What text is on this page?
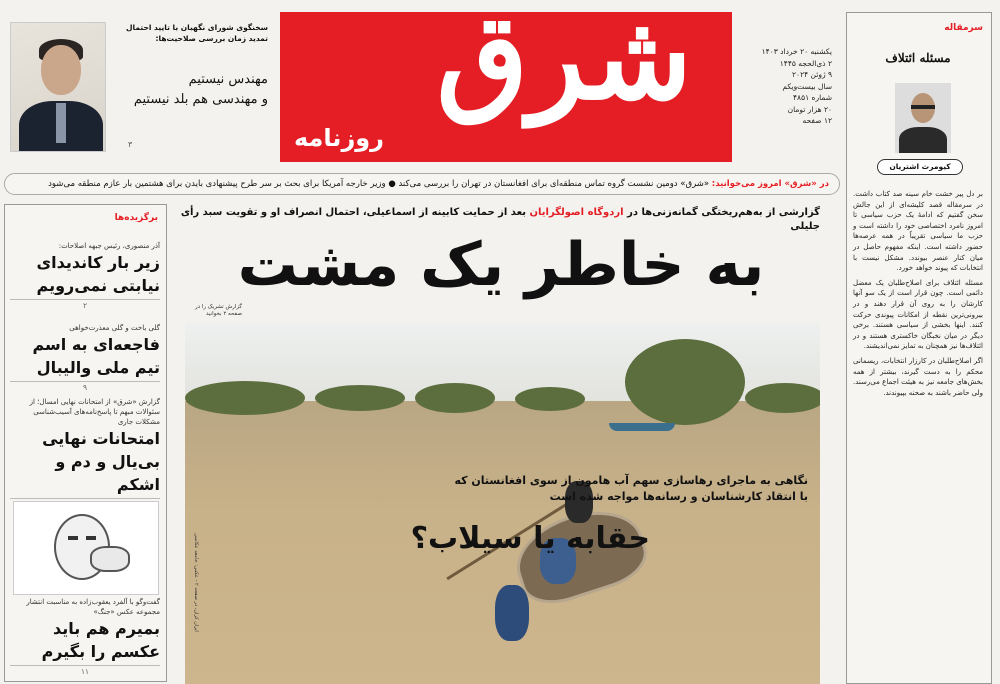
سخنگوی شورای نگهبان با تایید احتمال تمدید زمان بررسی صلاحیت‌ها:
مهندس نیستیم
و مهندسی هم بلد نیستیم
۳
شرق
روزنامه
یکشنبه ۲۰ خرداد ۱۴۰۳
۲ ذی‌الحجه ۱۴۴۵
۹ ژوئن ۲۰۲۴
سال بیست‌ویکم
شماره ۴۸۵۱
۲۰ هزار تومان
۱۲ صفحه
سرمقاله
مسئله ائتلاف
کیومرث اشتریان

بر دل پیر خشت خام سینه صد کتاب داشت. در سرمقاله قصد کلیشه‌ای از این جالش سخن گفتیم که ادامهٔ یک حزب سیاسی تا امروز نامرد اختصاصی خود را داشته است و حزب ما سیاسی تقریباً در همه عرصه‌ها حضور داشته است. اینکه مفهوم حاصل در میان کنار عنصر بیوندد. مشکل نیست با انتخابات که پیوند خواهد خورد.

مسئله ائتلاف برای اصلاح‌طلبان یک معضل دائمی است. چون قرار است از یک سو آنها کارشان را به روی آن قرار دهند و در بیرونی‌ترین نقطه از امکانات پیوندی حرکت کنند. اینها بخشی از سیاسی هستند. برخی دیگر در میان نخبگان خاکستری هستند و در ائتلاف‌ها نیز همچنان به تمایز نمی‌اندیشند.

اگر اصلاح‌طلبان در کارزار انتخابات، ریسمانی محکم را به دست گیرند، بیشتر از همه بخش‌های جامعه نیز به هیئت اجماع می‌رسند. ولی حاضر باشند به صحنه بپیوندند.

در «شرق» امروز می‌خوانید: «شرق» دومین نشست گروه تماس منطقه‌ای برای افغانستان در تهران را بررسی می‌کند ● وزیر خارجه آمریکا برای بحث بر سر طرح پیشنهادی بایدن برای هشتمین بار عازم منطقه می‌شود
برگزیده‌ها
آذر منصوری، رئیس جبهه اصلاحات:
زیر بار کاندیدای نیابتی نمی‌رویم
۲
گلی باخت و گلی معذرت‌خواهی
فاجعه‌ای به اسم تیم ملی والیبال
۹
گزارش «شرق» از امتحانات نهایی امسال؛ از سئوالات مبهم تا پاسخ‌نامه‌های آسیب‌شناسی مشکلات جاری
امتحانات نهایی بی‌یال و دم و اشکم
گفت‌وگو با آلفرد یعقوب‌زاده به مناسبت انتشار مجموعه عکس «جنگ»
بمیرم هم باید عکسم را بگیرم
۱۱
گزارشی از به‌هم‌ریختگی گمانه‌زنی‌ها در اردوگاه اصولگرایان بعد از حمایت کابینه از اسماعیلی، احتمال انصراف او و تقویت سبد رأی جلیلی
به خاطر یک مشت
گزارش تشریک را در صفحه ۲ بخوانید
نگاهی به ماجرای رهاسازی سهم آب هامون از سوی افغانستان که با انتقاد کارشناسان و رسانه‌ها مواجه شده است
حقابه یا سیلاب؟
ایران کران، در صفحه ۲ - عکس: جامعه عکاسی
